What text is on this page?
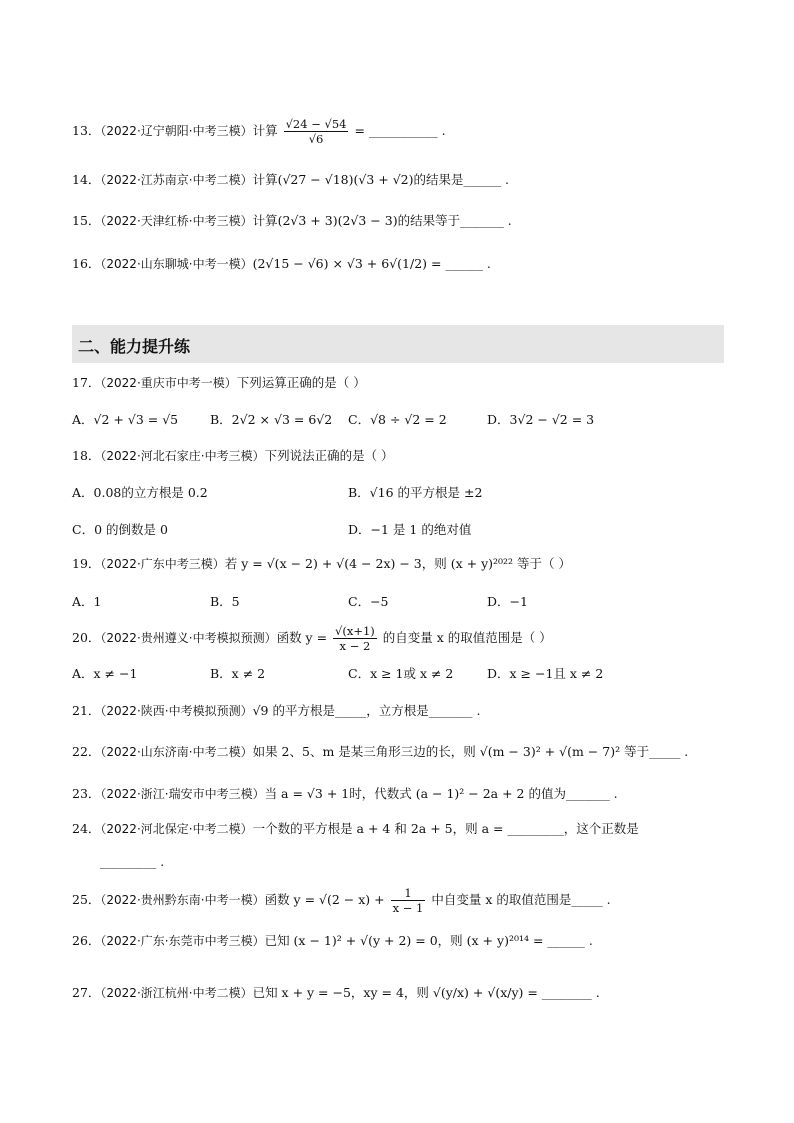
13．（2022·辽宁朝阳·中考三模）计算 $\frac{√24 - √54}{√6}$ = ___________ .
14．（2022·江苏南京·中考二模）计算(√27 − √18)(√3 + √2)的结果是______ .
15．（2022·天津红桥·中考三模）计算(2√3 + 3)(2√3 − 3)的结果等于_______ .
16．（2022·山东聊城·中考一模）(2√15 − √6) × √3 + 6√(1/2) = ______ .
二、能力提升练
17．（2022·重庆市中考一模）下列运算正确的是（ ）
A．√2 + √3 = √5	B．2√2 × √3 = 6√2 C．√8 ÷ √2 = 2	D．3√2 − √2 = 3
18．（2022·河北石家庄·中考三模）下列说法正确的是（ ）
A．0.08的立方根是 0.2	B．√16 的平方根是 ±2
C．0 的倒数是 0	D．−1 是 1 的绝对值
19．（2022·广东中考三模）若 y = √(x − 2) + √(4 − 2x) − 3，则 (x + y)²⁰²² 等于（ ）
A．1	B．5	C．−5	D．−1
20．（2022·贵州遵义·中考模拟预测）函数 $y = \frac{√(x+1)}{x - 2}$ 的自变量 x 的取值范围是（ ）
A．x ≠ −1	B．x ≠ 2	C．x ≥ 1或 x ≠ 2	D．x ≥ −1且 x ≠ 2
21．（2022·陕西·中考模拟预测）√9 的平方根是_____，立方根是_______ .
22．（2022·山东济南·中考二模）如果 2、5、m 是某三角形三边的长，则 √(m − 3)² + √(m − 7)² 等于_____ .
23．（2022·浙江·瑞安市中考三模）当 a = √3 + 1时，代数式 (a − 1)² − 2a + 2 的值为_______ .
24．（2022·河北保定·中考二模）一个数的平方根是 a + 4 和 2a + 5，则 a = _________，这个正数是
_________ .
25．（2022·贵州黔东南·中考一模）函数 $y = √(2 - x) + \frac{1}{x - 1}$ 中自变量 x 的取值范围是_____ .
26．（2022·广东·东莞市中考三模）已知 (x − 1)² + √(y + 2) = 0，则 (x + y)²⁰¹⁴ = ______ .
27．（2022·浙江杭州·中考二模）已知 x + y = −5，xy = 4，则 √(y/x) + √(x/y) = ________ .
